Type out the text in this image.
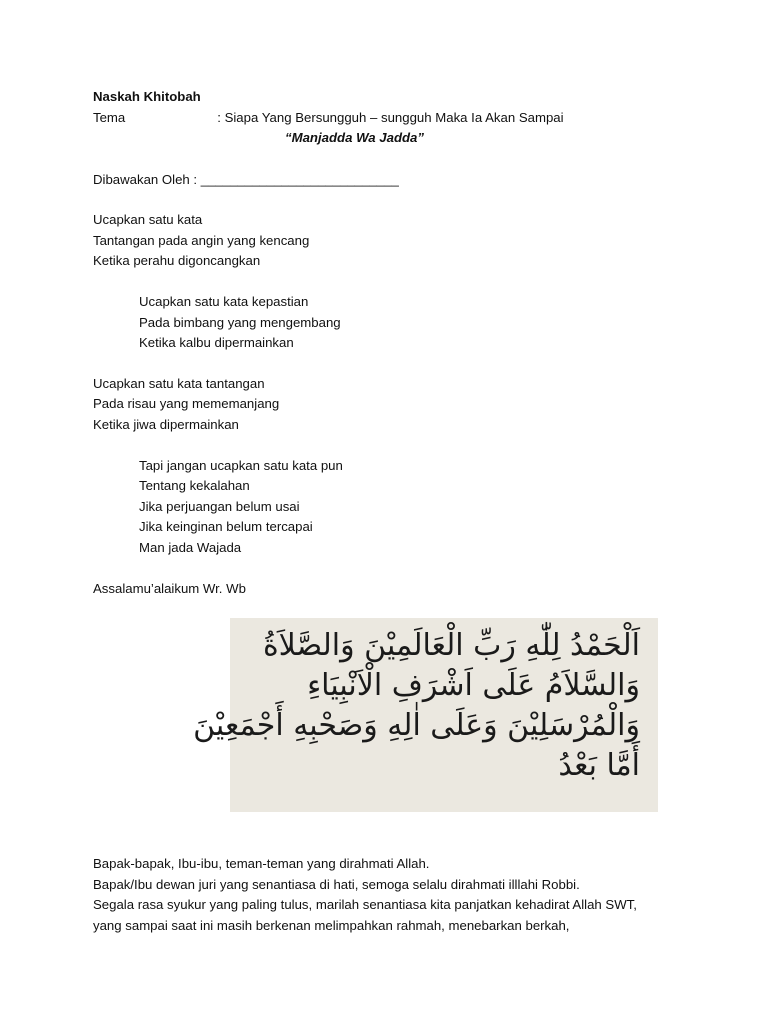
Naskah Khitobah
Tema	: Siapa Yang Bersungguh – sungguh Maka Ia Akan Sampai
“Manjadda Wa Jadda”
Dibawakan Oleh : ___________________________
Ucapkan satu kata
Tantangan pada angin yang kencang
Ketika perahu digoncangkan
Ucapkan satu kata kepastian
Pada bimbang yang mengembang
Ketika kalbu dipermainkan
Ucapkan satu kata tantangan
Pada risau yang mememanjang
Ketika jiwa dipermainkan
Tapi jangan ucapkan satu kata pun
Tentang kekalahan
Jika perjuangan belum usai
Jika keinginan belum tercapai
Man jada Wajada
Assalamu’alaikum Wr. Wb
اَلْحَمْدُ لِلّٰهِ رَبِّ الْعَالَمِيْنَ وَالصَّلاَةُ
وَالسَّلاَمُ عَلَى اَشْرَفِ الْاَنْبِيَاءِ
وَالْمُرْسَلِيْنَ وَعَلَى اٰلِهِ وَصَحْبِهِ أَجْمَعِيْنَ
أَمَّا بَعْدُ
Bapak-bapak, Ibu-ibu, teman-teman yang dirahmati Allah.
Bapak/Ibu dewan juri yang senantiasa di hati, semoga selalu dirahmati illlahi Robbi.
Segala rasa syukur yang paling tulus, marilah senantiasa kita panjatkan kehadirat Allah SWT,
yang sampai saat ini masih berkenan melimpahkan rahmah, menebarkan berkah,
